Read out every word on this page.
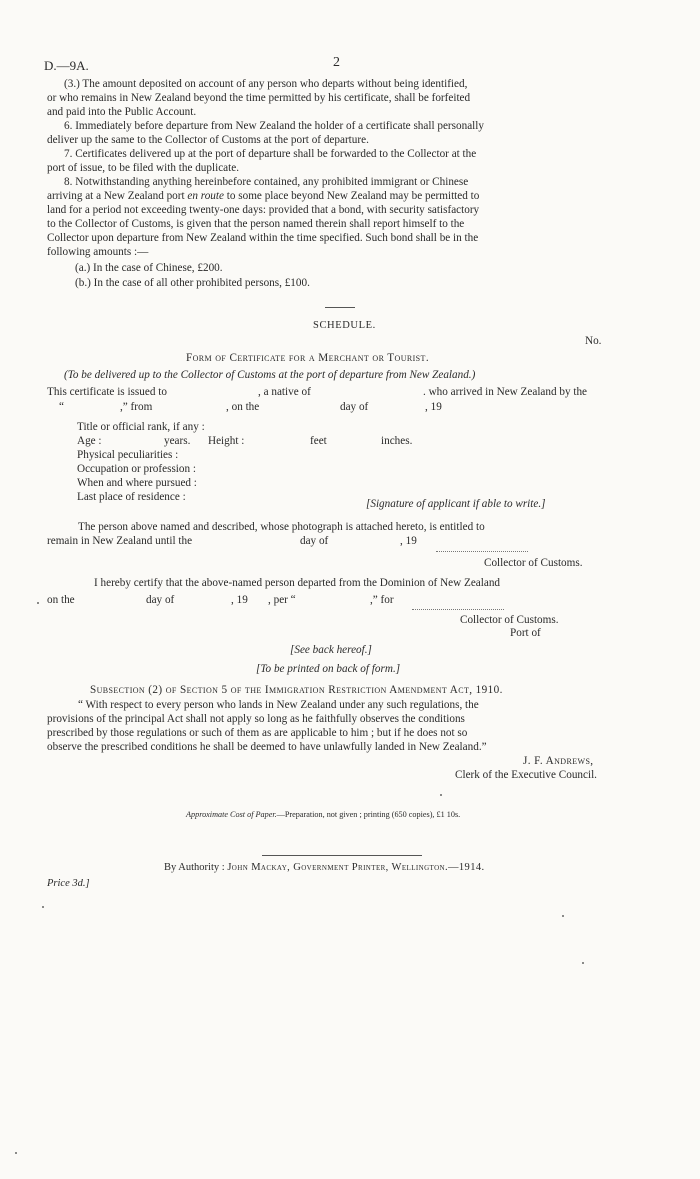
D.—9A.	2
(3.) The amount deposited on account of any person who departs without being identified,
or who remains in New Zealand beyond the time permitted by his certificate, shall be forfeited
and paid into the Public Account.
6. Immediately before departure from New Zealand the holder of a certificate shall personally
deliver up the same to the Collector of Customs at the port of departure.
7. Certificates delivered up at the port of departure shall be forwarded to the Collector at the
port of issue, to be filed with the duplicate.
8. Notwithstanding anything hereinbefore contained, any prohibited immigrant or Chinese
arriving at a New Zealand port en route to some place beyond New Zealand may be permitted to
land for a period not exceeding twenty-one days: provided that a bond, with security satisfactory
to the Collector of Customs, is given that the person named therein shall report himself to the
Collector upon departure from New Zealand within the time specified. Such bond shall be in the
following amounts :—
(a.) In the case of Chinese, £200.
(b.) In the case of all other prohibited persons, £100.
SCHEDULE.
No.
Form of Certificate for a Merchant or Tourist.
(To be delivered up to the Collector of Customs at the port of departure from New Zealand.)
This certificate is issued to	, a native of	. who arrived in New Zealand by the
“	,” from	, on the	day of	, 19
Title or official rank, if any :
Age :	years. Height :	feet	inches.
Physical peculiarities :
Occupation or profession :
When and where pursued :
Last place of residence :
[Signature of applicant if able to write.]
The person above named and described, whose photograph is attached hereto, is entitled to
remain in New Zealand until the	day of	, 19
Collector of Customs.
I hereby certify that the above-named person departed from the Dominion of New Zealand
on the	day of	, 19 , per “	,” for
Collector of Customs.
Port of
[See back hereof.]
[To be printed on back of form.]
Subsection (2) of Section 5 of the Immigration Restriction Amendment Act, 1910.
“ With respect to every person who lands in New Zealand under any such regulations, the
provisions of the principal Act shall not apply so long as he faithfully observes the conditions
prescribed by those regulations or such of them as are applicable to him ; but if he does not so
observe the prescribed conditions he shall be deemed to have unlawfully landed in New Zealand.”
J. F. Andrews,
Clerk of the Executive Council.
Approximate Cost of Paper.—Preparation, not given ; printing (650 copies), £1 10s.
By Authority : John Mackay, Government Printer, Wellington.—1914.
Price 3d.]
